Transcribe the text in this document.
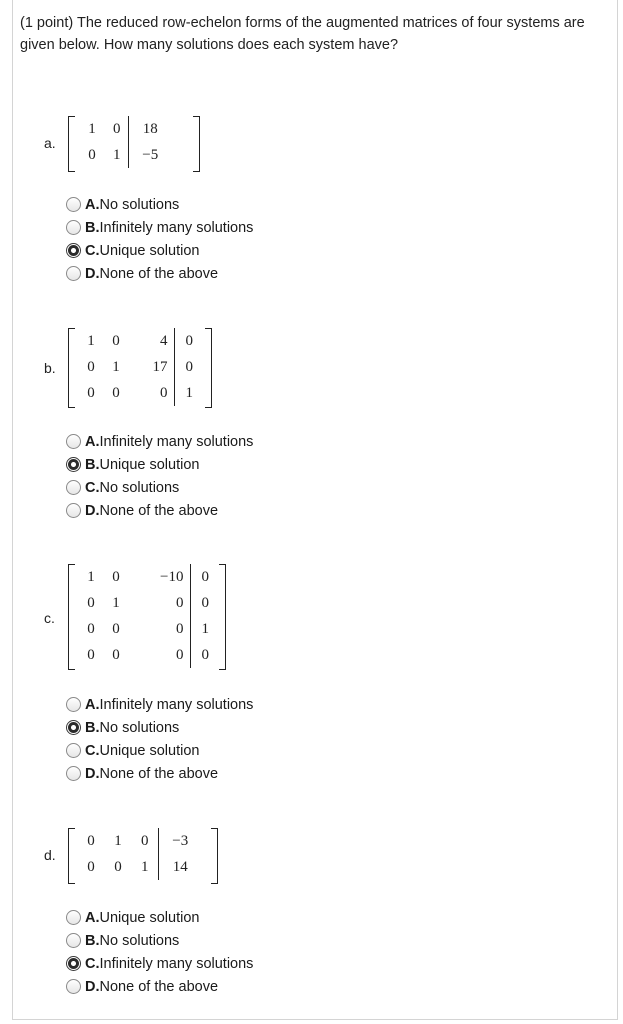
(1 point) The reduced row-echelon forms of the augmented matrices of four systems are given below. How many solutions does each system have?
a.
1	0	18
0	1	−5
A. No solutions
B. Infinitely many solutions
C. Unique solution
D. None of the above
b.
1	0	4	0
0	1	17	0
0	0	0	1
A. Infinitely many solutions
B. Unique solution
C. No solutions
D. None of the above
c.
1	0	−10	0
0	1	0	0
0	0	0	1
0	0	0	0
A. Infinitely many solutions
B. No solutions
C. Unique solution
D. None of the above
d.
0	1	0	−3
0	0	1	14
A. Unique solution
B. No solutions
C. Infinitely many solutions
D. None of the above
